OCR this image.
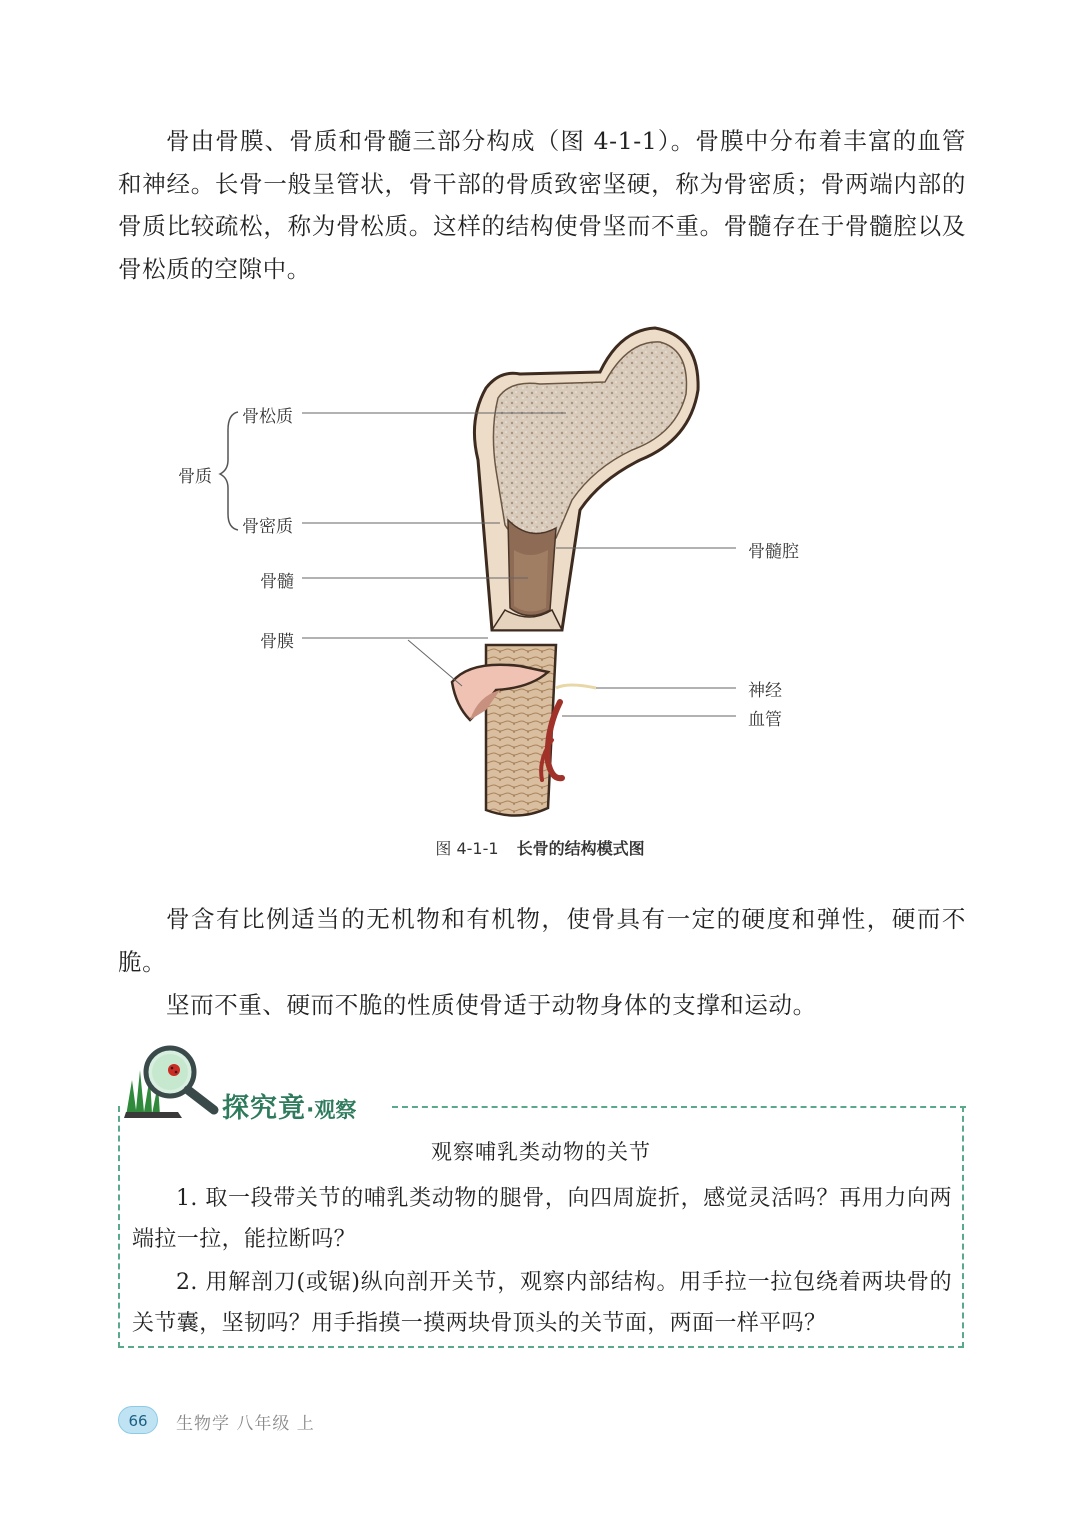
骨由骨膜、骨质和骨髓三部分构成（图 4-1-1）。骨膜中分布着丰富的血管和神经。长骨一般呈管状，骨干部的骨质致密坚硬，称为骨密质；骨两端内部的骨质比较疏松，称为骨松质。这样的结构使骨坚而不重。骨髓存在于骨髓腔以及骨松质的空隙中。

骨松质
骨质
骨密质
骨髓
骨膜
骨髓腔
神经
血管
图 4-1-1 长骨的结构模式图

骨含有比例适当的无机物和有机物，使骨具有一定的硬度和弹性，硬而不脆。

坚而不重、硬而不脆的性质使骨适于动物身体的支撑和运动。

探究竟·观察
观察哺乳类动物的关节

1. 取一段带关节的哺乳类动物的腿骨，向四周旋折，感觉灵活吗？再用力向两端拉一拉，能拉断吗？

2. 用解剖刀(或锯)纵向剖开关节，观察内部结构。用手拉一拉包绕着两块骨的关节囊，坚韧吗？用手指摸一摸两块骨顶头的关节面，两面一样平吗？

66	生物学 八年级 上
